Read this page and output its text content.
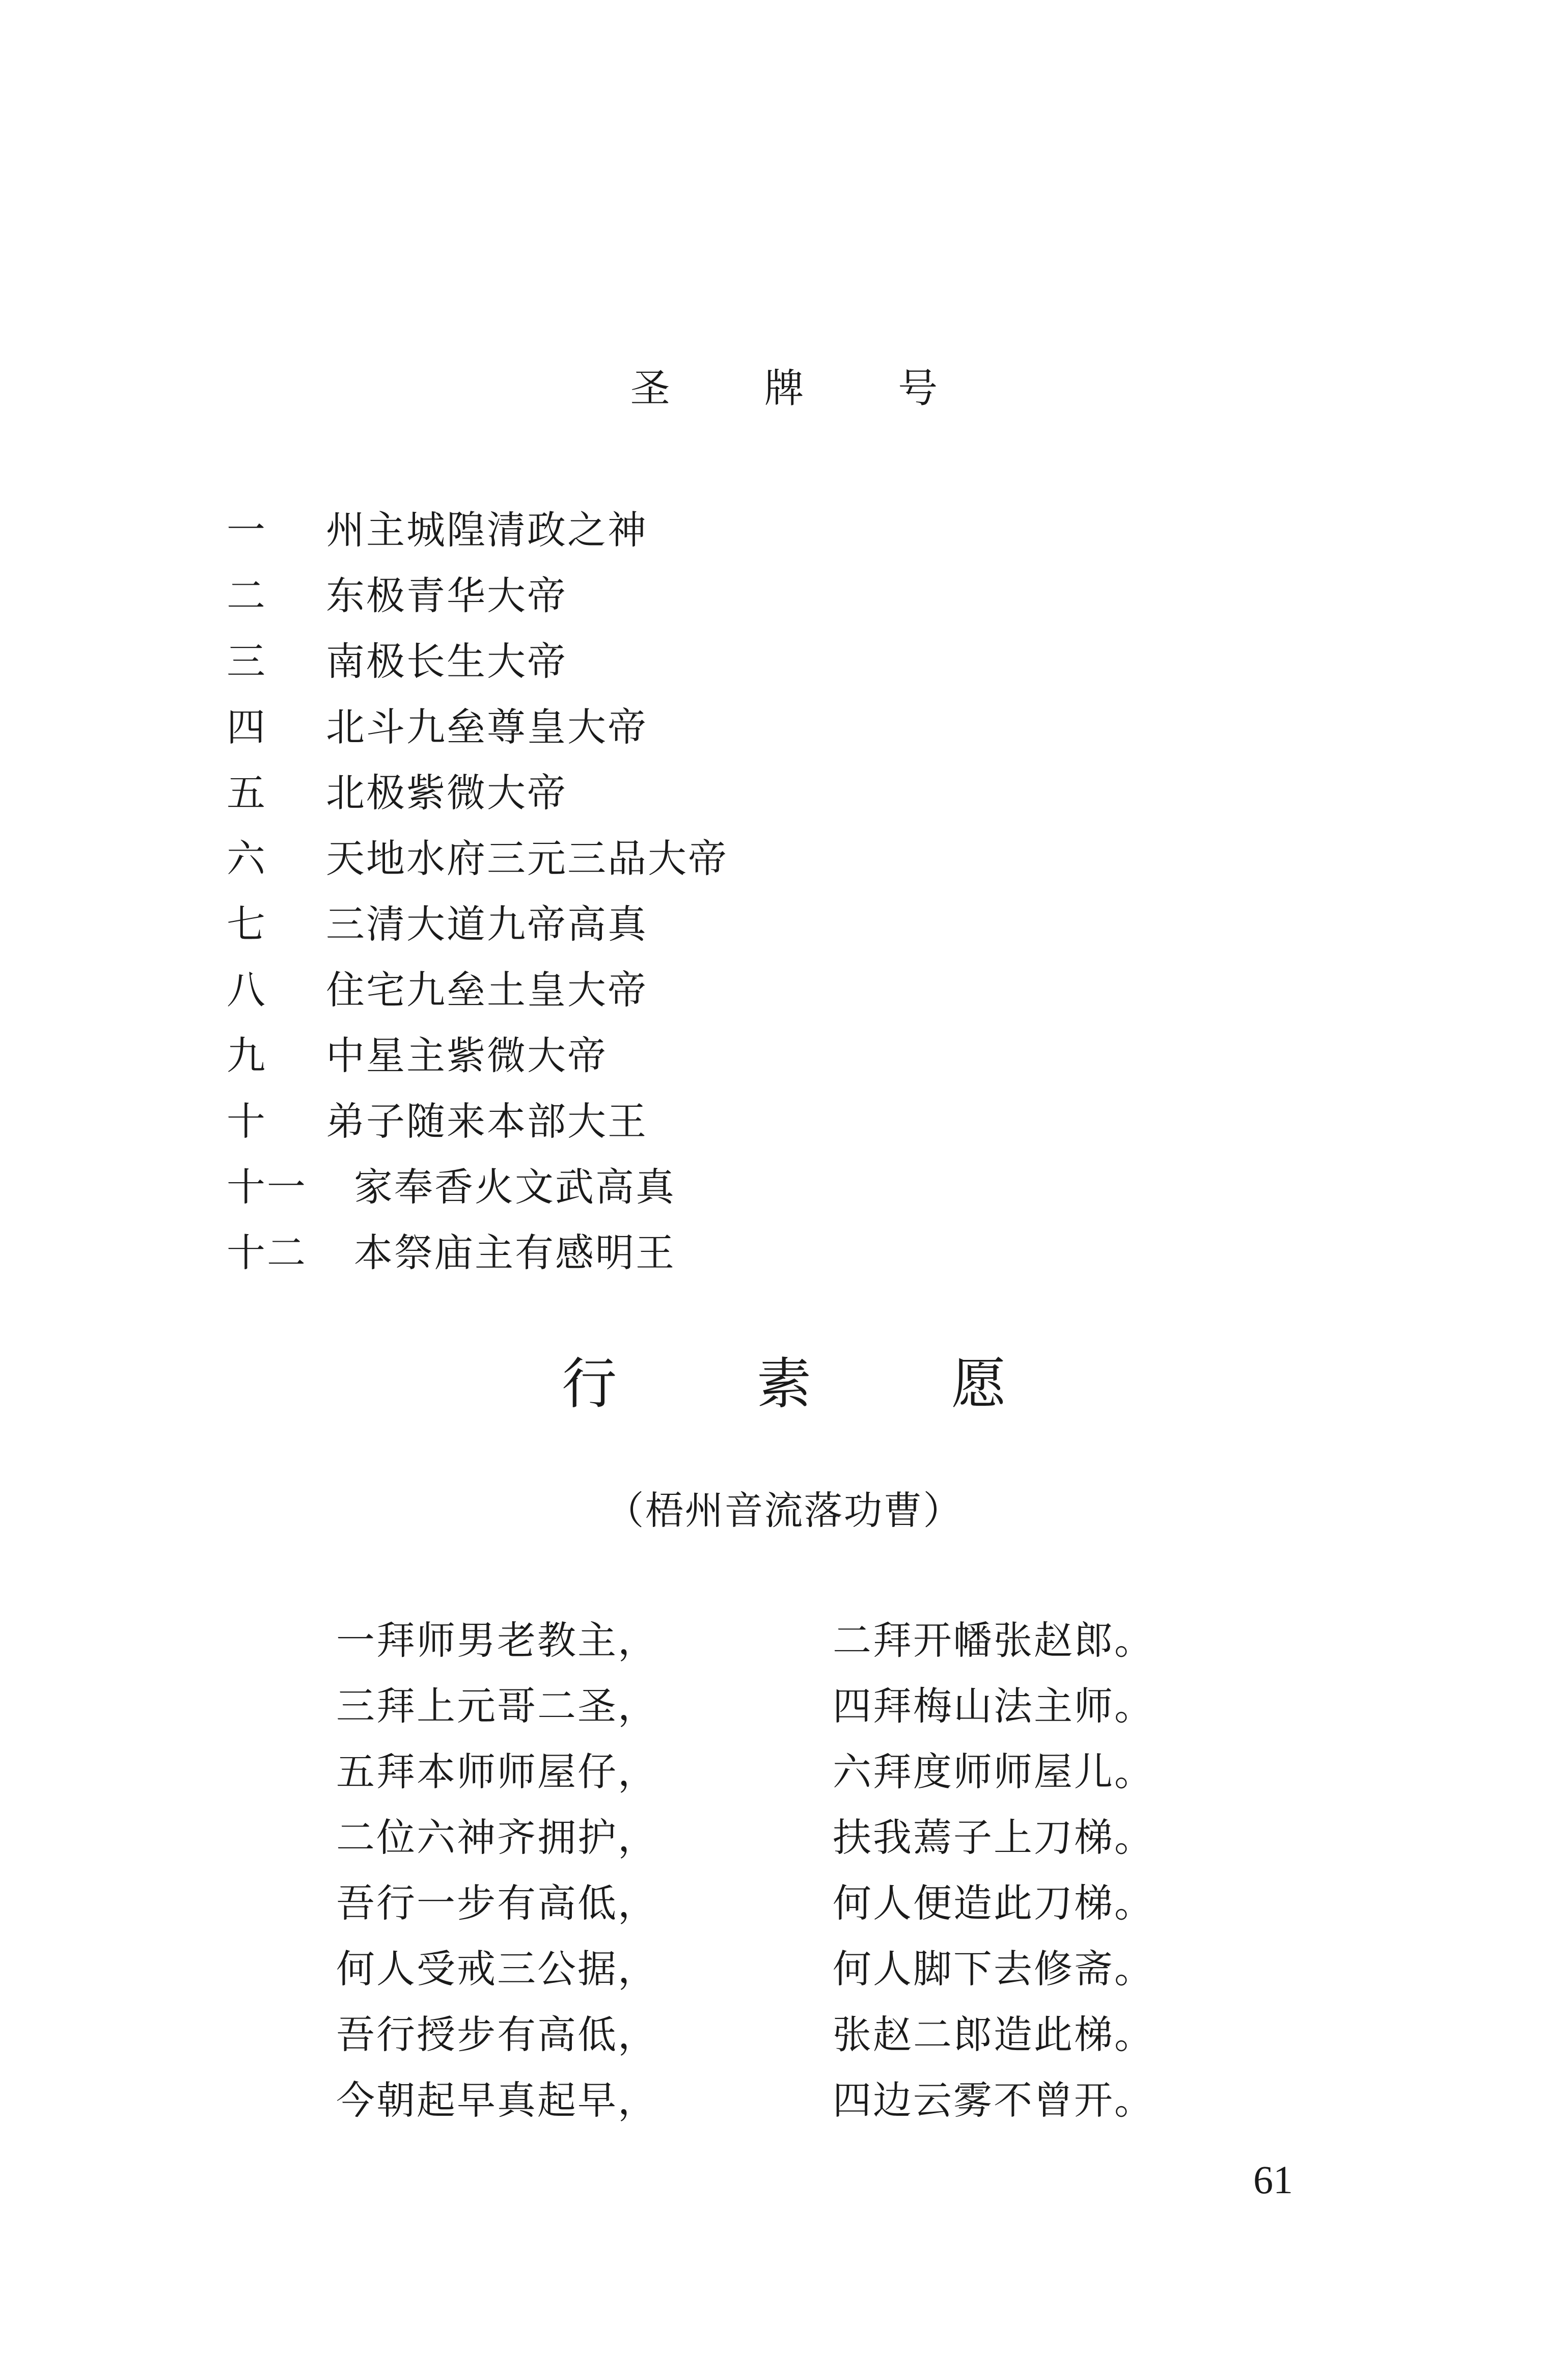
圣 牌 号
一	州主城隍清政之神
二	东极青华大帝
三	南极长生大帝
四	北斗九垒尊皇大帝
五	北极紫微大帝
六	天地水府三元三品大帝
七	三清大道九帝高真
八	住宅九垒土皇大帝
九	中星主紫微大帝
十	弟子随来本部大王
十一	家奉香火文武高真
十二	本祭庙主有感明王
行 素 愿
（梧州音流落功曹）
一拜师男老教主，	二拜开幡张赵郎。
三拜上元哥二圣，	四拜梅山法主师。
五拜本师师屋仔，	六拜度师师屋儿。
二位六神齐拥护，	扶我蔫子上刀梯。
吾行一步有高低，	何人便造此刀梯。
何人受戒三公据，	何人脚下去修斋。
吾行授步有高低，	张赵二郎造此梯。
今朝起早真起早，	四边云雾不曾开。
61
